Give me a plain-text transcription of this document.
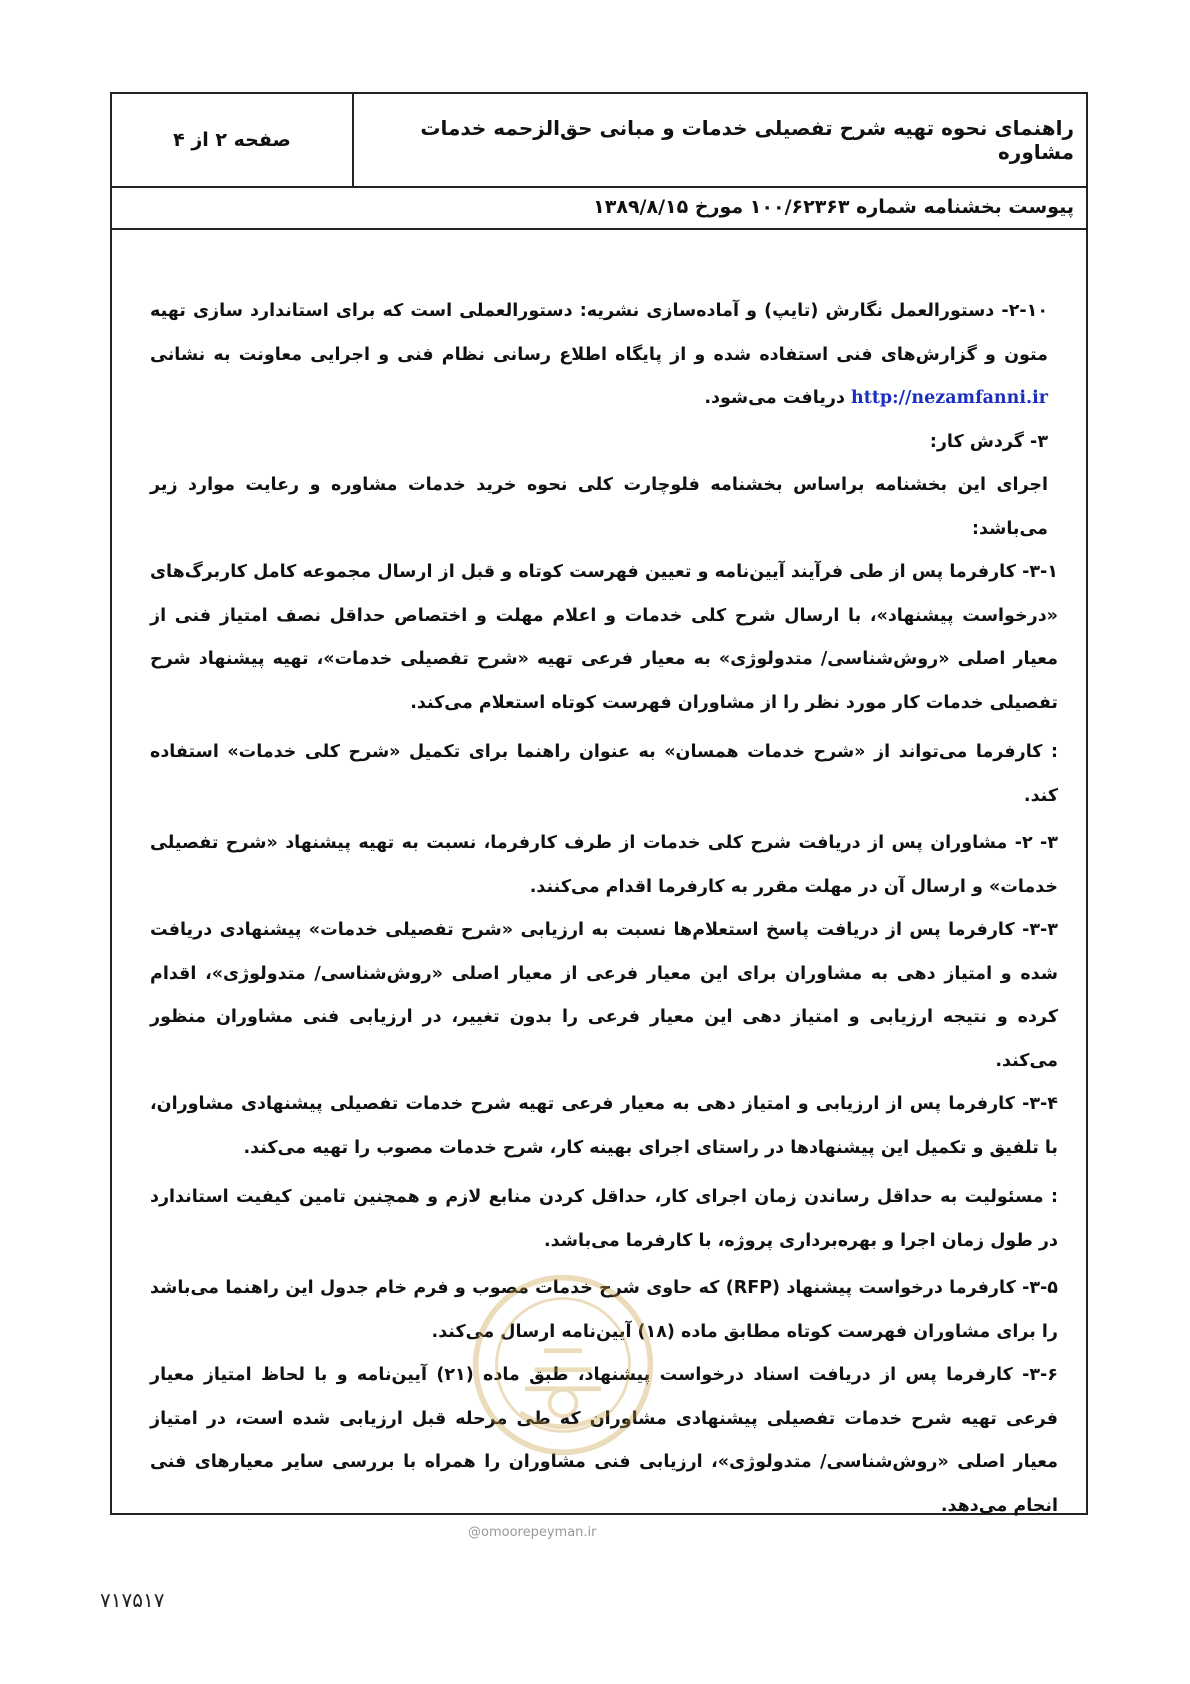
صفحه ۲ از ۴	راهنمای نحوه تهیه شرح تفصیلی خدمات و مبانی حق‌الزحمه خدمات مشاوره
پیوست بخشنامه شماره ۱۰۰/۶۲۳۶۳ مورخ ۱۳۸۹/۸/۱۵

۲-۱۰- دستورالعمل نگارش (تایپ) و آماده‌سازی نشریه: دستورالعملی است که برای استاندارد سازی تهیه متون و گزارش‌های فنی استفاده شده و از پایگاه اطلاع رسانی نظام فنی و اجرایی معاونت به نشانی http://nezamfanni.ir دریافت می‌شود.

۳- گردش کار:

اجرای این بخشنامه براساس بخشنامه فلوچارت کلی نحوه خرید خدمات مشاوره و رعایت موارد زیر می‌باشد:

۳-۱- کارفرما پس از طی فرآیند آیین‌نامه و تعیین فهرست کوتاه و قبل از ارسال مجموعه کامل کاربرگ‌های «درخواست پیشنهاد»، با ارسال شرح کلی خدمات و اعلام مهلت و اختصاص حداقل نصف امتیاز فنی از معیار اصلی «روش‌شناسی/ متدولوژی» به معیار فرعی تهیه «شرح تفصیلی خدمات»، تهیه پیشنهاد شرح تفصیلی خدمات کار مورد نظر را از مشاوران فهرست کوتاه استعلام می‌کند.

: کارفرما می‌تواند از «شرح خدمات همسان» به عنوان راهنما برای تکمیل «شرح کلی خدمات» استفاده کند.

۳- ۲- مشاوران پس از دریافت شرح کلی خدمات از طرف کارفرما، نسبت به تهیه پیشنهاد «شرح تفصیلی خدمات» و ارسال آن در مهلت مقرر به کارفرما اقدام می‌کنند.

۳-۳- کارفرما پس از دریافت پاسخ استعلام‌ها نسبت به ارزیابی «شرح تفصیلی خدمات» پیشنهادی دریافت شده و امتیاز دهی به مشاوران برای این معیار فرعی از معیار اصلی «روش‌شناسی/ متدولوژی»، اقدام کرده و نتیجه ارزیابی و امتیاز دهی این معیار فرعی را بدون تغییر، در ارزیابی فنی مشاوران منظور می‌کند.

۳-۴- کارفرما پس از ارزیابی و امتیاز دهی به معیار فرعی تهیه شرح خدمات تفصیلی پیشنهادی مشاوران، با تلفیق و تکمیل این پیشنهادها در راستای اجرای بهینه کار، شرح خدمات مصوب را تهیه می‌کند.

: مسئولیت به حداقل رساندن زمان اجرای کار، حداقل کردن منابع لازم و همچنین تامین کیفیت استاندارد در طول زمان اجرا و بهره‌برداری پروژه، با کارفرما می‌باشد.

۳-۵- کارفرما درخواست پیشنهاد (RFP) که حاوی شرح خدمات مصوب و فرم خام جدول این راهنما می‌باشد را برای مشاوران فهرست کوتاه مطابق ماده (۱۸) آیین‌نامه ارسال می‌کند.

۳-۶- کارفرما پس از دریافت اسناد درخواست پیشنهاد، طبق ماده (۲۱) آیین‌نامه و با لحاظ امتیاز معیار فرعی تهیه شرح خدمات تفصیلی پیشنهادی مشاوران که طی مرحله قبل ارزیابی شده است، در امتیاز معیار اصلی «روش‌شناسی/ متدولوژی»، ارزیابی فنی مشاوران را همراه با بررسی سایر معیارهای فنی انجام می‌دهد.

@omoorepeyman.ir
۷۱۷۵۱۷
